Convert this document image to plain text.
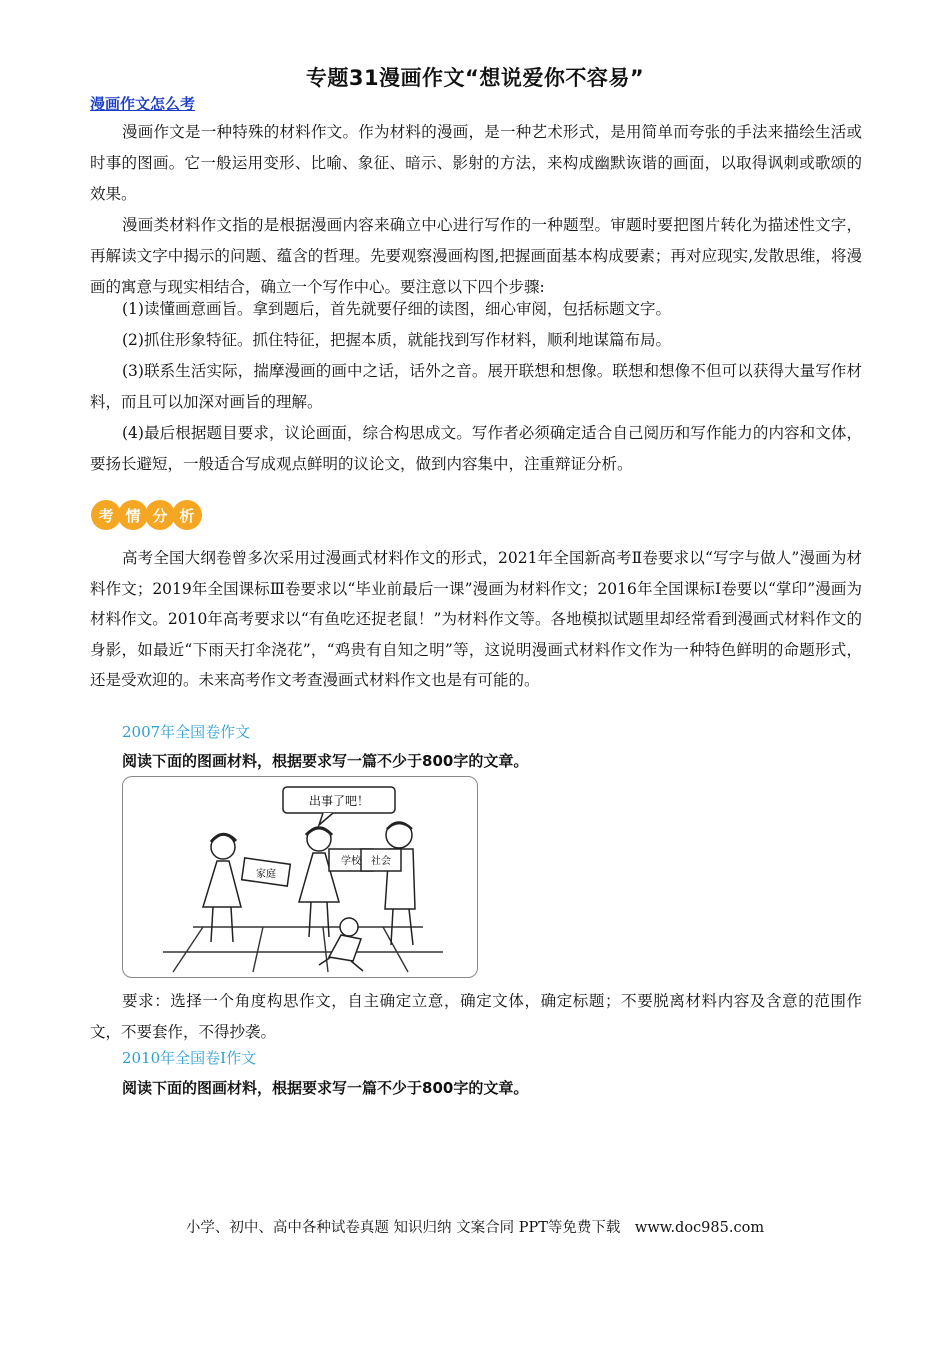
专题31漫画作文“想说爱你不容易”
漫画作文怎么考

漫画作文是一种特殊的材料作文。作为材料的漫画，是一种艺术形式，是用简单而夸张的手法来描绘生活或时事的图画。它一般运用变形、比喻、象征、暗示、影射的方法，来构成幽默诙谐的画面，以取得讽刺或歌颂的效果。

漫画类材料作文指的是根据漫画内容来确立中心进行写作的一种题型。审题时要把图片转化为描述性文字，再解读文字中揭示的问题、蕴含的哲理。先要观察漫画构图,把握画面基本构成要素；再对应现实,发散思维，将漫画的寓意与现实相结合，确立一个写作中心。要注意以下四个步骤:

(1)读懂画意画旨。拿到题后，首先就要仔细的读图，细心审阅，包括标题文字。

(2)抓住形象特征。抓住特征，把握本质，就能找到写作材料，顺利地谋篇布局。

(3)联系生活实际，揣摩漫画的画中之话，话外之音。展开联想和想像。联想和想像不但可以获得大量写作材料，而且可以加深对画旨的理解。

(4)最后根据题目要求，议论画面，综合构思成文。写作者必须确定适合自己阅历和写作能力的内容和文体，要扬长避短，一般适合写成观点鲜明的议论文，做到内容集中，注重辩证分析。

考 情 分 析

高考全国大纲卷曾多次采用过漫画式材料作文的形式，2021年全国新高考Ⅱ卷要求以“写字与做人”漫画为材料作文；2019年全国课标Ⅲ卷要求以“毕业前最后一课”漫画为材料作文；2016年全国课标Ⅰ卷要以“掌印”漫画为材料作文。2010年高考要求以“有鱼吃还捉老鼠！”为材料作文等。各地模拟试题里却经常看到漫画式材料作文的身影，如最近“下雨天打伞浇花”，“鸡贵有自知之明”等，这说明漫画式材料作文作为一种特色鲜明的命题形式，还是受欢迎的。未来高考作文考查漫画式材料作文也是有可能的。

2007年全国卷作文
阅读下面的图画材料，根据要求写一篇不少于800字的文章。
出事了吧！
家庭
学校 社会

要求：选择一个角度构思作文，自主确定立意，确定文体，确定标题；不要脱离材料内容及含意的范围作文，不要套作，不得抄袭。

2010年全国卷Ⅰ作文
阅读下面的图画材料，根据要求写一篇不少于800字的文章。
小学、初中、高中各种试卷真题 知识归纳 文案合同 PPT等免费下载　www.doc985.com
